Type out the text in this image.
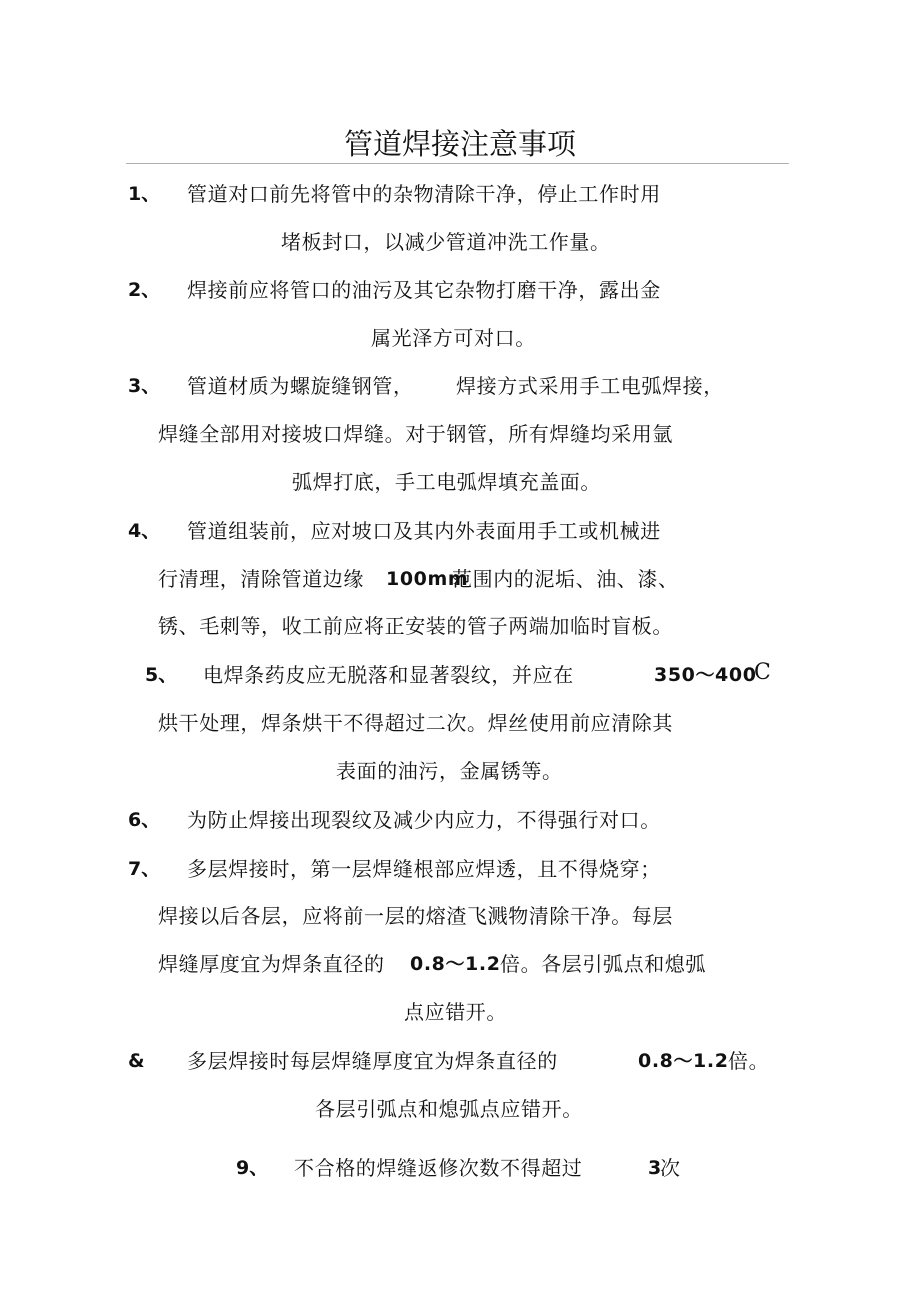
管道焊接注意事项
1、 管道对口前先将管中的杂物清除干净，停止工作时用
堵板封口，以减少管道冲洗工作量。
2、 焊接前应将管口的油污及其它杂物打磨干净，露出金
属光泽方可对口。
3、 管道材质为螺旋缝钢管， 焊接方式采用手工电弧焊接，
焊缝全部用对接坡口焊缝。对于钢管，所有焊缝均采用氩
弧焊打底，手工电弧焊填充盖面。
4、 管道组装前，应对坡口及其内外表面用手工或机械进
行清理，清除管道边缘 100mm
范围内的泥垢、油、漆、
锈、毛刺等，收工前应将正安装的管子两端加临时盲板。
5、 电焊条药皮应无脱落和显著裂纹，并应在	350～400
C
烘干处理，焊条烘干不得超过二次。焊丝使用前应清除其
表面的油污，金属锈等。
6、 为防止焊接出现裂纹及减少内应力，不得强行对口。
7、 多层焊接时，第一层焊缝根部应焊透，且不得烧穿；
焊接以后各层，应将前一层的熔渣飞溅物清除干净。每层
焊缝厚度宜为焊条直径的 0.8～1.2 倍。各层引弧点和熄弧
点应错开。
& 多层焊接时每层焊缝厚度宜为焊条直径的	0.8～1.2 倍。
各层引弧点和熄弧点应错开。
9、 不合格的焊缝返修次数不得超过	3
次
